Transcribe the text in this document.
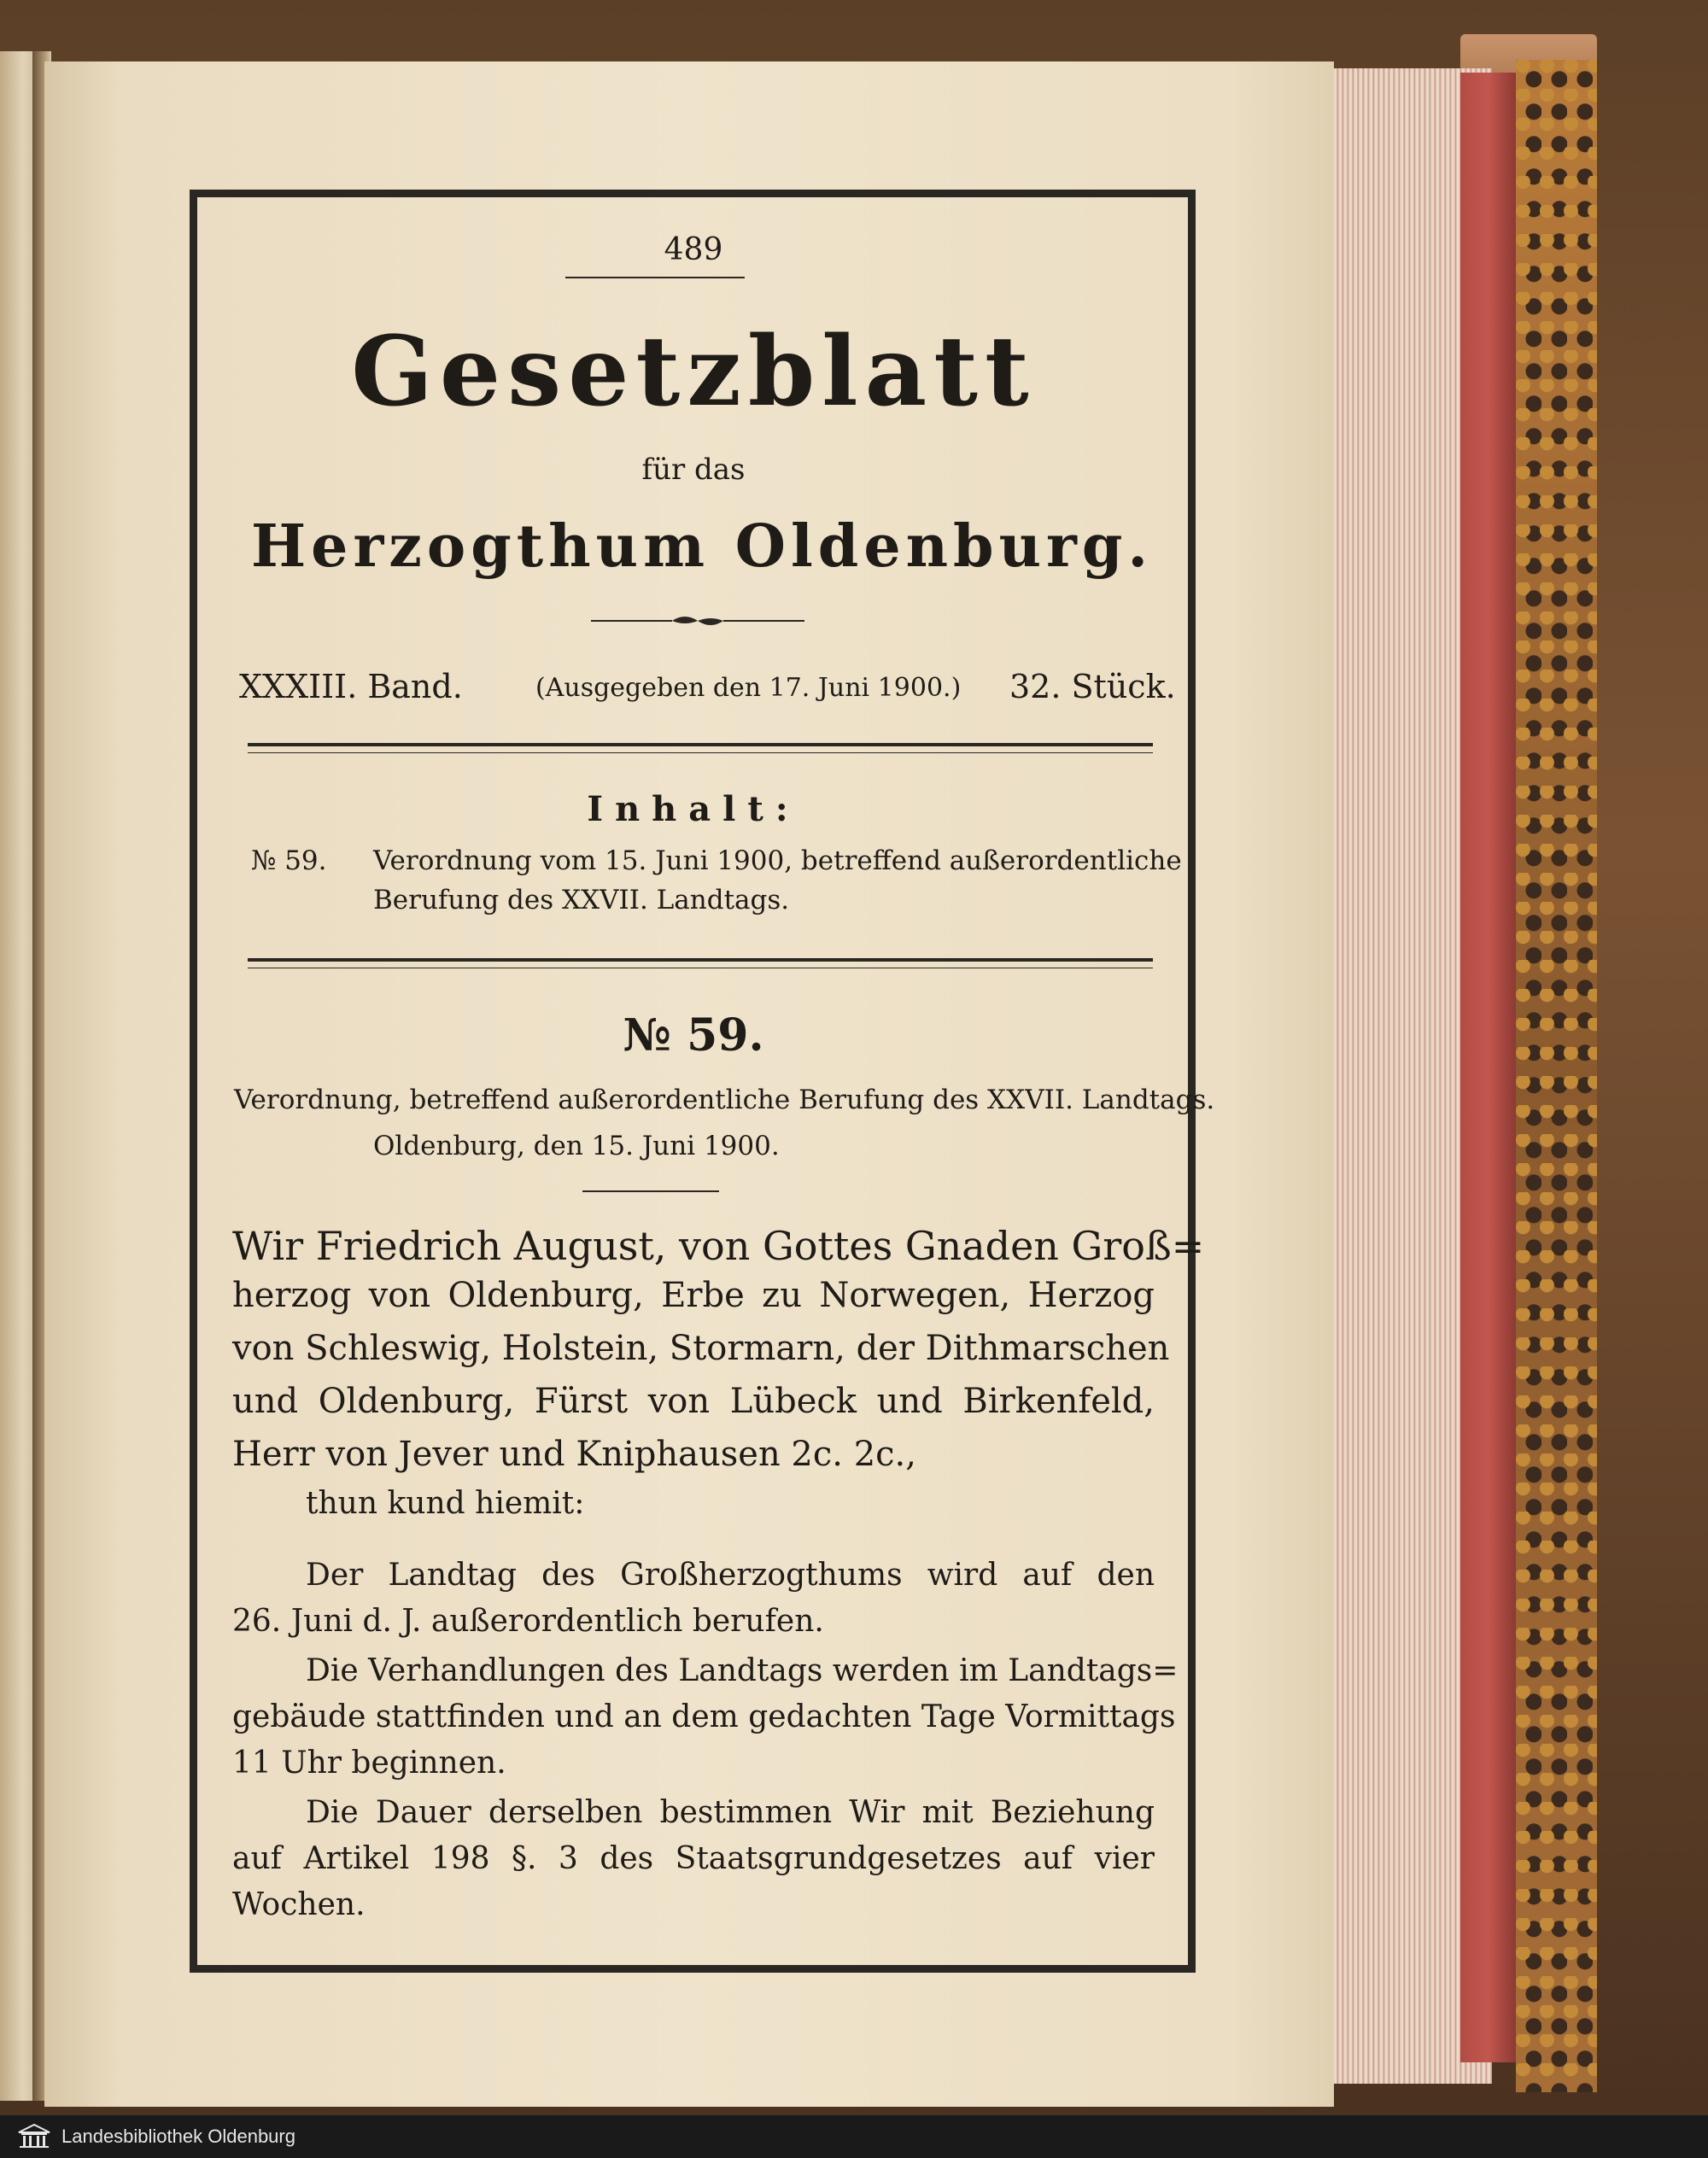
489

Gesetzblatt

für das

Herzogthum Oldenburg.

XXXIII. Band.	(Ausgegeben den 17. Juni 1900.) 32. Stück.

Inhalt:

№ 59. Verordnung vom 15. Juni 1900, betreffend außerordentliche

Berufung des XXVII. Landtags.

№ 59.

Verordnung, betreffend außerordentliche Berufung des XXVII. Landtags.

Oldenburg, den 15. Juni 1900.

Wir Friedrich August, von Gottes Gnaden Groß=

herzog von Oldenburg, Erbe zu Norwegen, Herzog

von Schleswig, Holstein, Stormarn, der Dithmarschen

und Oldenburg, Fürst von Lübeck und Birkenfeld,

Herr von Jever und Kniphausen 2c. 2c.,

thun kund hiemit:

Der Landtag des Großherzogthums wird auf den

26. Juni d. J. außerordentlich berufen.

Die Verhandlungen des Landtags werden im Landtags=

gebäude stattfinden und an dem gedachten Tage Vormittags

11 Uhr beginnen.

Die Dauer derselben bestimmen Wir mit Beziehung

auf Artikel 198 §. 3 des Staatsgrundgesetzes auf vier

Wochen.

Landesbibliothek Oldenburg
